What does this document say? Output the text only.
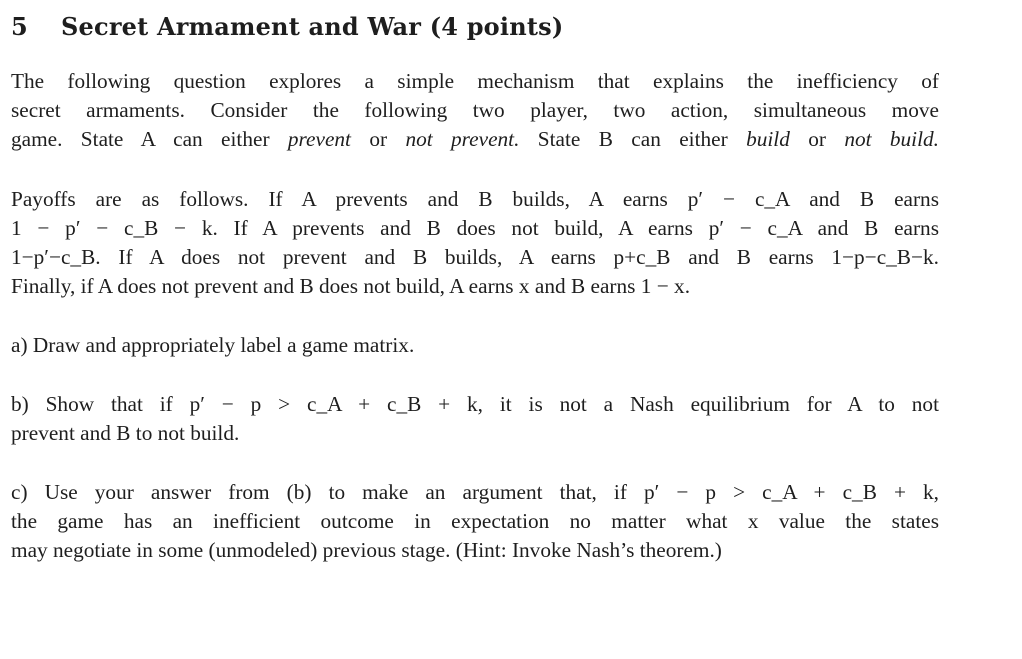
5 Secret Armament and War (4 points)
The following question explores a simple mechanism that explains the inefficiency of
secret armaments. Consider the following two player, two action, simultaneous move
game. State A can either prevent or not prevent. State B can either build or not build.
Payoffs are as follows. If A prevents and B builds, A earns p′ − c_A and B earns
1 − p′ − c_B − k. If A prevents and B does not build, A earns p′ − c_A and B earns
1−p′−c_B. If A does not prevent and B builds, A earns p+c_B and B earns 1−p−c_B−k.
Finally, if A does not prevent and B does not build, A earns x and B earns 1 − x.
a) Draw and appropriately label a game matrix.
b) Show that if p′ − p > c_A + c_B + k, it is not a Nash equilibrium for A to not
prevent and B to not build.
c) Use your answer from (b) to make an argument that, if p′ − p > c_A + c_B + k,
the game has an inefficient outcome in expectation no matter what x value the states
may negotiate in some (unmodeled) previous stage. (Hint: Invoke Nash’s theorem.)
